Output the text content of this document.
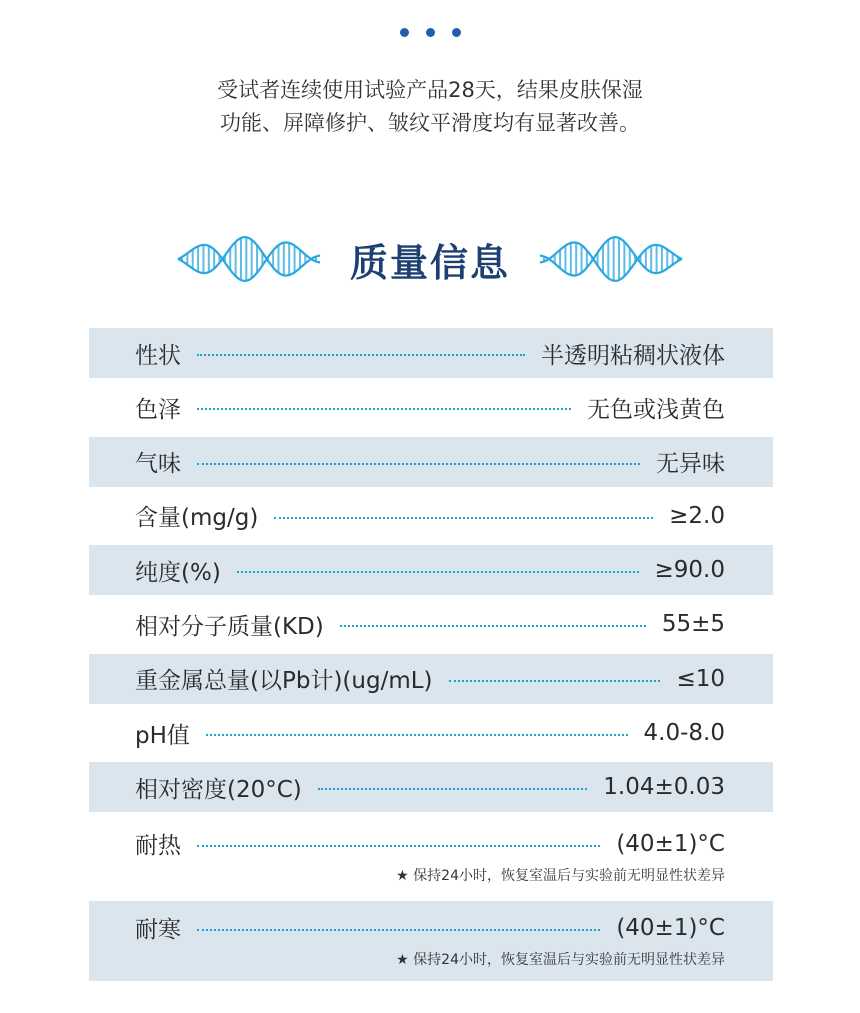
受试者连续使用试验产品28天，结果皮肤保湿
功能、屏障修护、皱纹平滑度均有显著改善。
质量信息
性状	半透明粘稠状液体
色泽	无色或浅黄色
气味	无异味
含量(mg/g)	≥2.0
纯度(%)	≥90.0
相对分子质量(KD)	55±5
重金属总量(以Pb计)(ug/mL)	≤10
pH值	4.0-8.0
相对密度(20°C)	1.04±0.03
耐热	(40±1)°C
★ 保持24小时，恢复室温后与实验前无明显性状差异
耐寒	(40±1)°C
★ 保持24小时，恢复室温后与实验前无明显性状差异
